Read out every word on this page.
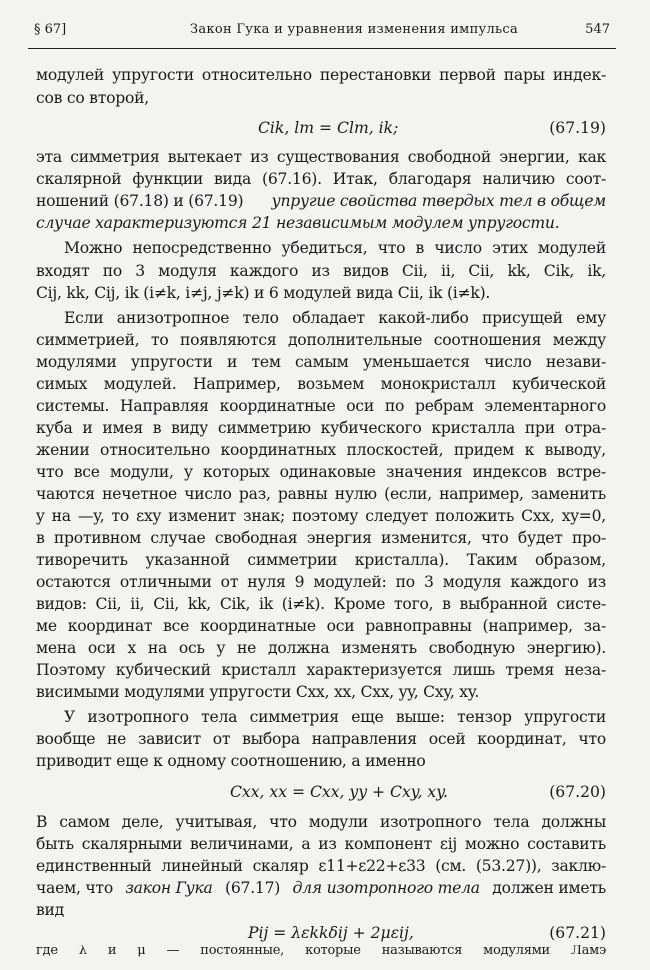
§ 67]	Закон Гука и уравнения изменения импульса	547
модулей упругости относительно перестановки первой пары индек-
сов со второй,
Cik, lm = Clm, ik;	(67.19)
эта симметрия вытекает из существования свободной энергии, как
скалярной функции вида (67.16). Итак, благодаря наличию соот-
ношений (67.18) и (67.19) упругие свойства твердых тел в общем
случае характеризуются 21 независимым модулем упругости.
Можно непосредственно убедиться, что в число этих модулей
входят по 3 модуля каждого из видов Cii, ii, Cii, kk, Cik, ik,
Cij, kk, Cij, ik (i≠k, i≠j, j≠k) и 6 модулей вида Cii, ik (i≠k).
Если анизотропное тело обладает какой-либо присущей ему
симметрией, то появляются дополнительные соотношения между
модулями упругости и тем самым уменьшается число незави-
симых модулей. Например, возьмем монокристалл кубической
системы. Направляя координатные оси по ребрам элементарного
куба и имея в виду симметрию кубического кристалла при отра-
жении относительно координатных плоскостей, придем к выводу,
что все модули, у которых одинаковые значения индексов встре-
чаются нечетное число раз, равны нулю (если, например, заменить
y на —y, то εxy изменит знак; поэтому следует положить Cxx, xy=0,
в противном случае свободная энергия изменится, что будет про-
тиворечить указанной симметрии кристалла). Таким образом,
остаются отличными от нуля 9 модулей: по 3 модуля каждого из
видов: Cii, ii, Cii, kk, Cik, ik (i≠k). Кроме того, в выбранной систе-
ме координат все координатные оси равноправны (например, за-
мена оси x на ось y не должна изменять свободную энергию).
Поэтому кубический кристалл характеризуется лишь тремя неза-
висимыми модулями упругости Cxx, xx, Cxx, yy, Cxy, xy.
У изотропного тела симметрия еще выше: тензор упругости
вообще не зависит от выбора направления осей координат, что
приводит еще к одному соотношению, а именно
Cxx, xx = Cxx, yy + Cxy, xy.	(67.20)
В самом деле, учитывая, что модули изотропного тела должны
быть скалярными величинами, а из компонент εij можно составить
единственный линейный скаляр ε11+ε22+ε33 (см. (53.27)), заклю-
чаем, что закон Гука (67.17) для изотропного тела должен иметь
вид
Pij = λεkkδij + 2μεij,	(67.21)
где λ и μ — постоянные, которые называются модулями Ламэ
